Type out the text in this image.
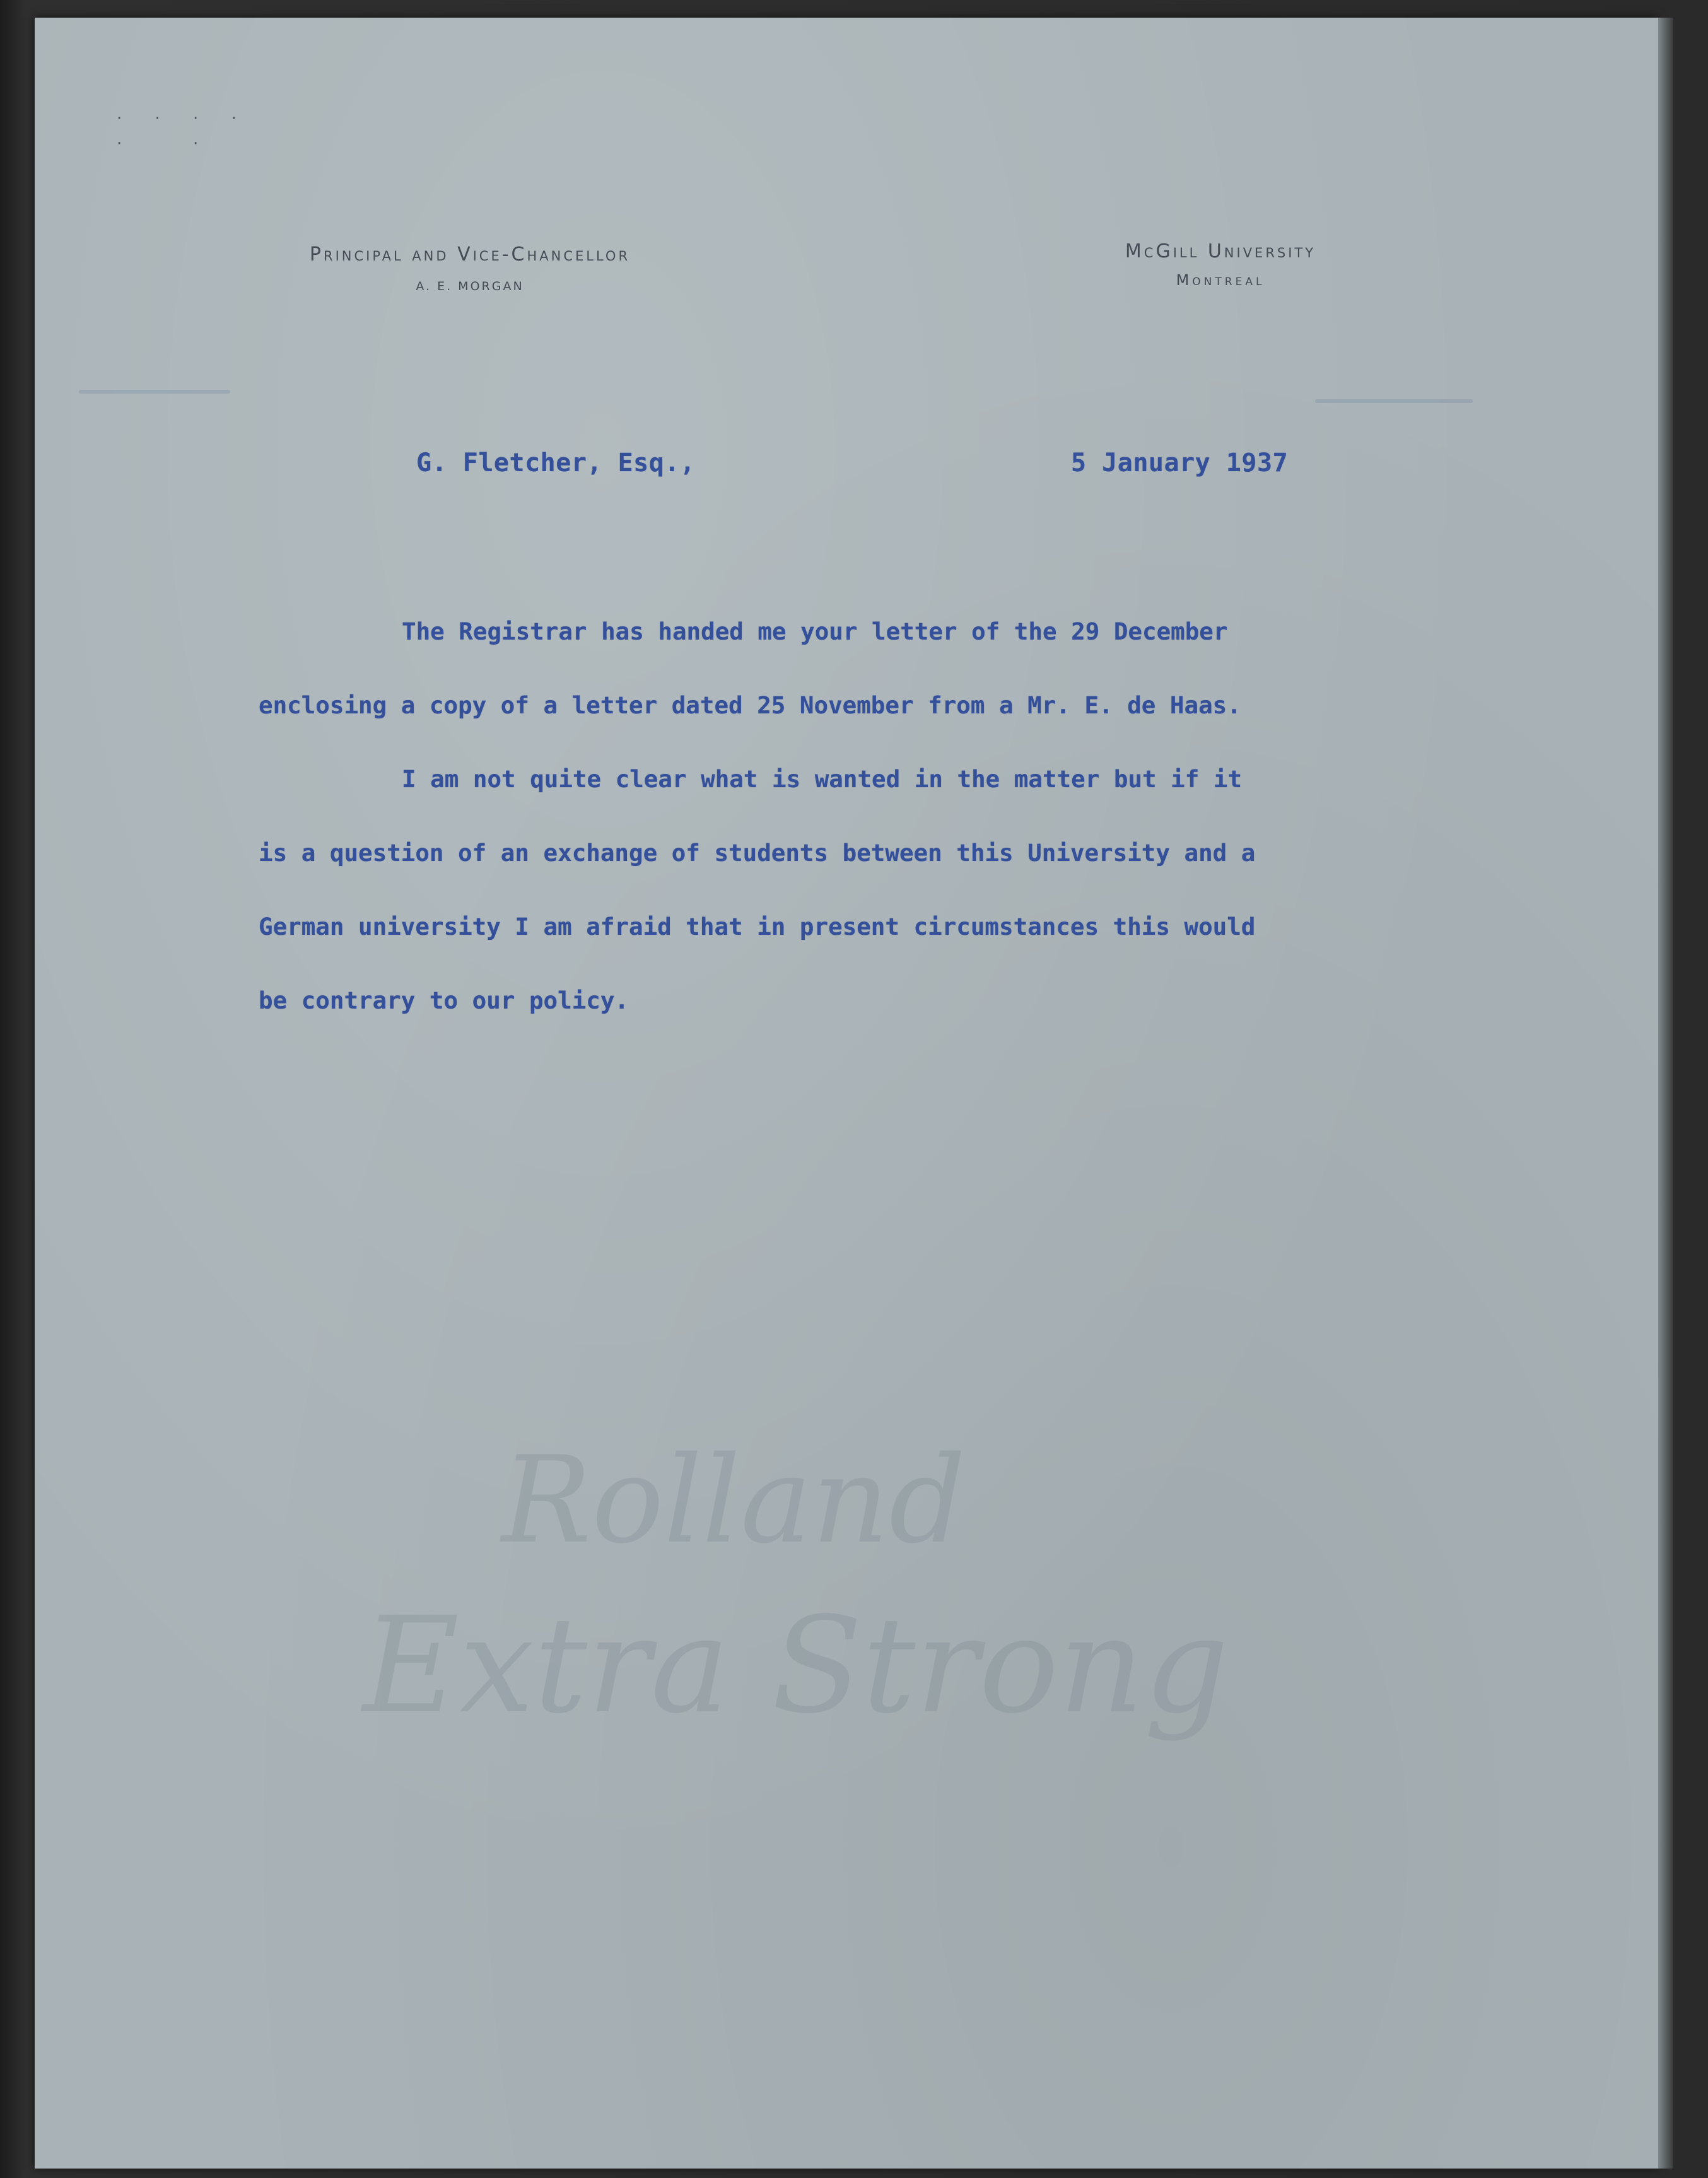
· · · ·
·   ·
Principal and Vice-Chancellor
A. E. MORGAN
McGill University
Montreal
G. Fletcher, Esq.,	5 January 1937
The Registrar has handed me your letter of the 29 December
enclosing a copy of a letter dated 25 November from a Mr. E. de Haas.
I am not quite clear what is wanted in the matter but if it
is a question of an exchange of students between this University and a
German university I am afraid that in present circumstances this would
be contrary to our policy.
Rolland
Extra Strong
